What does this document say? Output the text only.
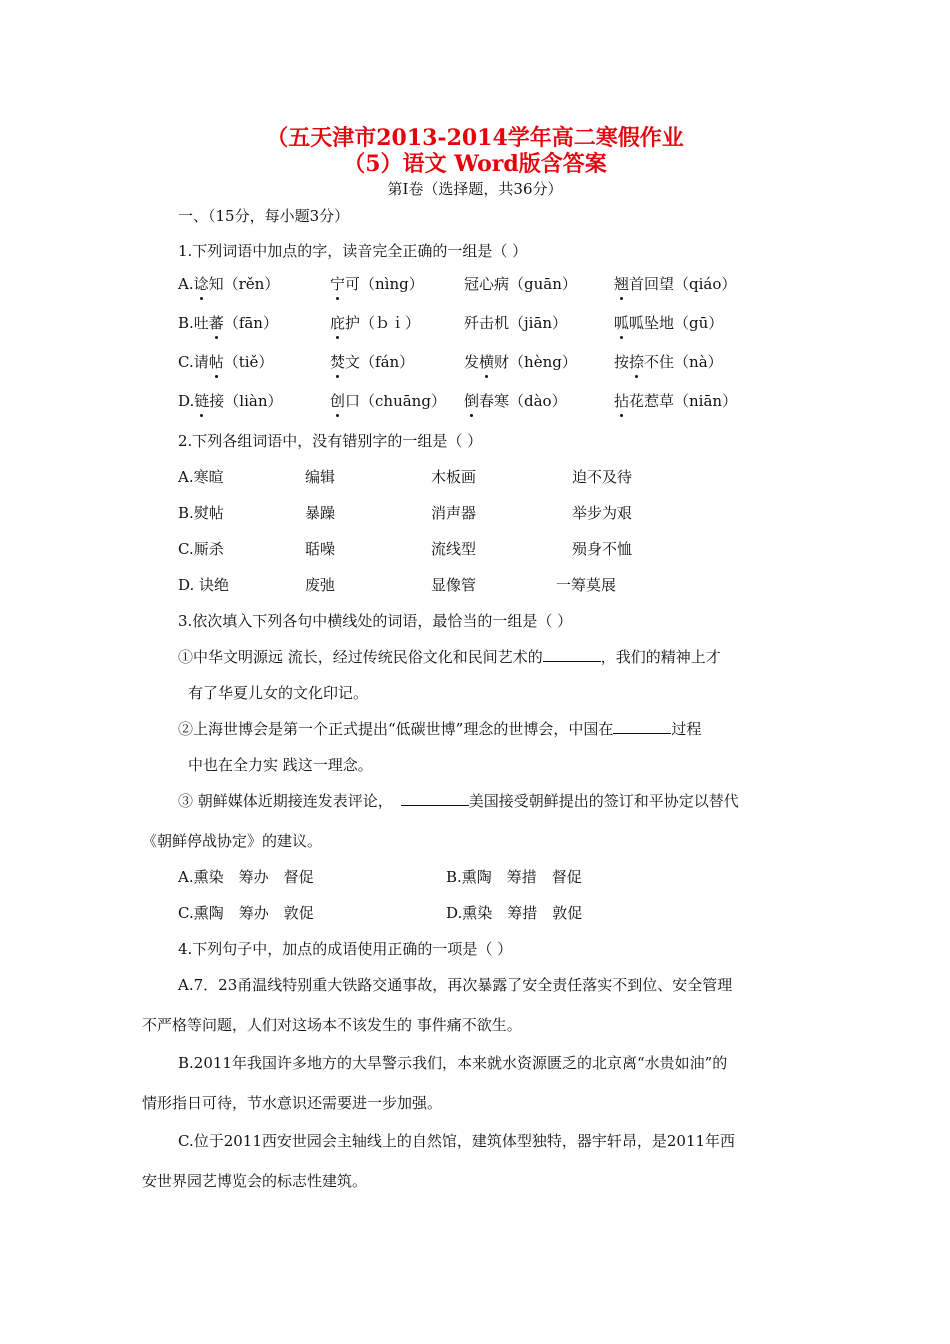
（五天津市2013-2014学年高二寒假作业
（5）语文 Word版含答案
第Ⅰ卷（选择题，共36分）
一、（15分，每小题3分）
1.下列词语中加点的字，读音完全正确的一组是（ ）
A.谂知（rěn）	宁可（nìng）	冠心病（guān） 翘首回望（qiáo）
B.吐蕃（fān）	庇护（ｂｉ）	歼击机（jiān）	呱呱坠地（gū）
C.请帖（tiě）	焚文（fán）	发横财（hèng） 按捺不住（nà）
D.链接（liàn）	创口（chuāng） 倒春寒（dào）	拈花惹草（niān）
2.下列各组词语中，没有错别字的一组是（ ）
A.寒暄	编辑	木板画	迫不及待
B.熨帖	暴躁	消声器	举步为艰
C.厮杀	聒噪	流线型	殒身不恤
D. 诀绝	废弛	显像管	一筹莫展
3.依次填入下列各句中横线处的词语，最恰当的一组是（ ）
①中华文明源远 流长，经过传统民俗文化和民间艺术的	，我们的精神上才
有了华夏儿女的文化印记。
②上海世博会是第一个正式提出“低碳世博”理念的世博会，中国在	过程
中也在全力实 践这一理念。
③ 朝鲜媒体近期接连发表评论，	美国接受朝鲜提出的签订和平协定以替代
《朝鲜停战协定》的建议。
A.熏染　筹办　督促	B.熏陶　筹措　督促
C.熏陶　筹办　敦促	D.熏染　筹措　敦促
4.下列句子中，加点的成语使用正确的一项是（ ）
A.7．23甬温线特别重大铁路交通事故，再次暴露了安全责任落实不到位、安全管理
不严格等问题，人们对这场本不该发生的 事件痛不欲生。
B.2011年我国许多地方的大旱警示我们，本来就水资源匮乏的北京离“水贵如油”的
情形指日可待，节水意识还需要进一步加强。
C.位于2011西安世园会主轴线上的自然馆，建筑体型独特，器宇轩昂，是2011年西
安世界园艺博览会的标志性建筑。
